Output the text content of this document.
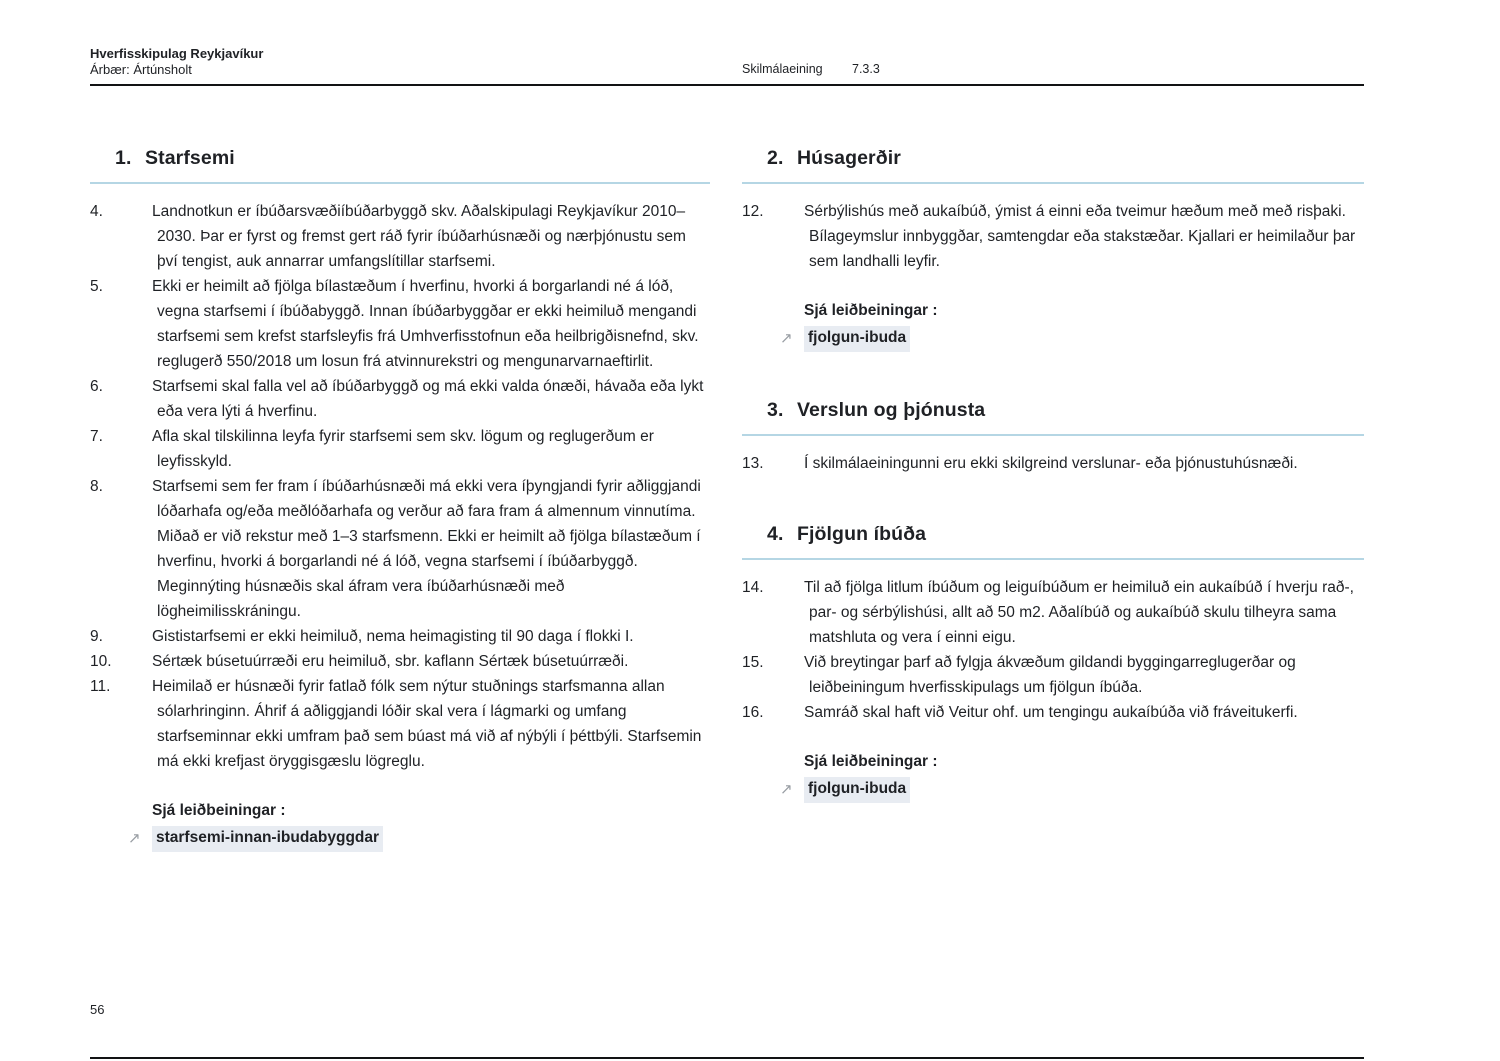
Hverfisskipulag Reykjavíkur
Árbær: Ártúnsholt	Skilmálaeining 7.3.3
1. Starfsemi
4.	Landnotkun er íbúðarsvæðiíbúðarbyggð skv. Aðalskipulagi Reykjavíkur 2010–2030. Þar er fyrst og fremst gert ráð fyrir íbúðarhúsnæði og nærþjónustu sem því tengist, auk annarrar umfangslítillar starfsemi.
5.	Ekki er heimilt að fjölga bílastæðum í hverfinu, hvorki á borgarlandi né á lóð, vegna starfsemi í íbúðabyggð. Innan íbúðarbyggðar er ekki heimiluð mengandi starfsemi sem krefst starfsleyfis frá Umhverfisstofnun eða heilbrigðisnefnd, skv. reglugerð 550/2018 um losun frá atvinnurekstri og mengunarvarnaeftirlit.
6.	Starfsemi skal falla vel að íbúðarbyggð og má ekki valda ónæði, hávaða eða lykt eða vera lýti á hverfinu.
7.	Afla skal tilskilinna leyfa fyrir starfsemi sem skv. lögum og reglugerðum er leyfisskyld.
8.	Starfsemi sem fer fram í íbúðarhúsnæði má ekki vera íþyngjandi fyrir aðliggjandi lóðarhafa og/eða meðlóðarhafa og verður að fara fram á almennum vinnutíma. Miðað er við rekstur með 1–3 starfsmenn. Ekki er heimilt að fjölga bílastæðum í hverfinu, hvorki á borgarlandi né á lóð, vegna starfsemi í íbúðarbyggð. Meginnýting húsnæðis skal áfram vera íbúðarhúsnæði með lögheimilisskráningu.
9.	Gististarfsemi er ekki heimiluð, nema heimagisting til 90 daga í flokki I.
10.	Sértæk búsetuúrræði eru heimiluð, sbr. kaflann Sértæk búsetuúrræði.
11.	Heimilað er húsnæði fyrir fatlað fólk sem nýtur stuðnings starfsmanna allan sólarhringinn. Áhrif á aðliggjandi lóðir skal vera í lágmarki og umfang starfseminnar ekki umfram það sem búast má við af nýbýli í þéttbýli. Starfsemin má ekki krefjast öryggisgæslu lögreglu.
Sjá leiðbeiningar :
↗ starfsemi-innan-ibudabyggdar
2. Húsagerðir
12.	Sérbýlishús með aukaíbúð, ýmist á einni eða tveimur hæðum með með risþaki. Bílageymslur innbyggðar, samtengdar eða stakstæðar. Kjallari er heimilaður þar sem landhalli leyfir.
Sjá leiðbeiningar :
↗ fjolgun-ibuda
3. Verslun og þjónusta
13.	Í skilmálaeiningunni eru ekki skilgreind verslunar- eða þjónustuhúsnæði.
4. Fjölgun íbúða
14.	Til að fjölga litlum íbúðum og leiguíbúðum er heimiluð ein aukaíbúð í hverju rað-, par- og sérbýlishúsi, allt að 50 m2. Aðalíbúð og aukaíbúð skulu tilheyra sama matshluta og vera í einni eigu.
15.	Við breytingar þarf að fylgja ákvæðum gildandi byggingarreglugerðar og leiðbeiningum hverfisskipulags um fjölgun íbúða.
16.	Samráð skal haft við Veitur ohf. um tengingu aukaíbúða við fráveitukerfi.
Sjá leiðbeiningar :
↗ fjolgun-ibuda
56
